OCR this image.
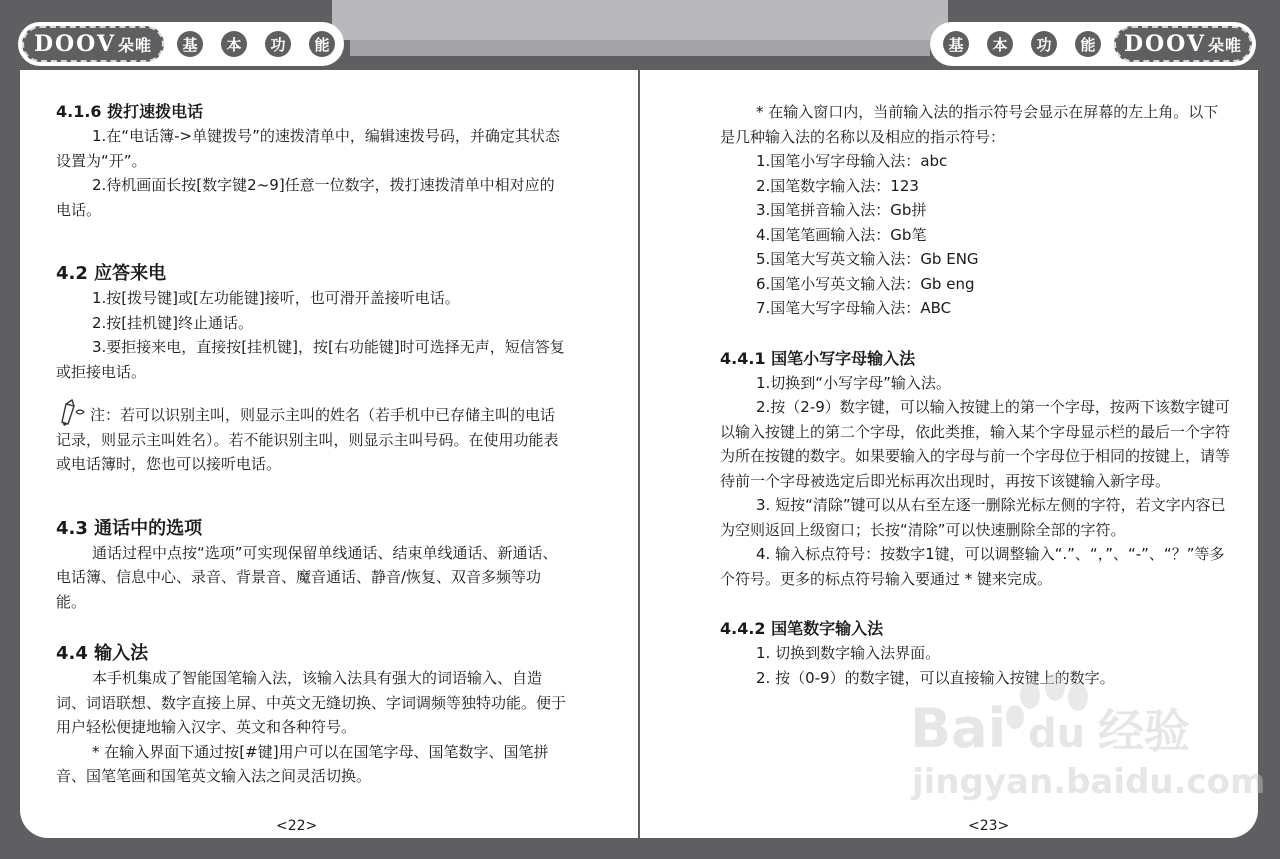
DOOV 朵唯	基	本	功	能	基	本	功	能 DOOV 朵唯
4.1.6 拨打速拨电话

1.在“电话簿->单键拨号”的速拨清单中，编辑速拨号码，并确定其状态设置为“开”。

2.待机画面长按[数字键2~9]任意一位数字，拨打速拨清单中相对应的电话。

4.2 应答来电

1.按[拨号键]或[左功能键]接听，也可滑开盖接听电话。

2.按[挂机键]终止通话。

3.要拒接来电，直接按[挂机键]，按[右功能键]时可选择无声，短信答复或拒接电话。

注：若可以识别主叫，则显示主叫的姓名（若手机中已存储主叫的电话记录，则显示主叫姓名）。若不能识别主叫，则显示主叫号码。在使用功能表或电话簿时，您也可以接听电话。

4.3 通话中的选项

通话过程中点按“选项”可实现保留单线通话、结束单线通话、新通话、电话簿、信息中心、录音、背景音、魔音通话、静音/恢复、双音多频等功能。

4.4 输入法

本手机集成了智能国笔输入法，该输入法具有强大的词语输入、自造词、词语联想、数字直接上屏、中英文无缝切换、字词调频等独特功能。便于用户轻松便捷地输入汉字、英文和各种符号。

* 在输入界面下通过按[#键]用户可以在国笔字母、国笔数字、国笔拼音、国笔笔画和国笔英文输入法之间灵活切换。

<22>

* 在输入窗口内，当前输入法的指示符号会显示在屏幕的左上角。以下是几种输入法的名称以及相应的指示符号：

1.国笔小写字母输入法：abc

2.国笔数字输入法：123

3.国笔拼音输入法：Gb拼

4.国笔笔画输入法：Gb笔

5.国笔大写英文输入法：Gb ENG

6.国笔小写英文输入法：Gb eng

7.国笔大写字母输入法：ABC

4.4.1 国笔小写字母输入法

1.切换到“小写字母”输入法。

2.按（2-9）数字键，可以输入按键上的第一个字母，按两下该数字键可以输入按键上的第二个字母，依此类推，输入某个字母显示栏的最后一个字符为所在按键的数字。如果要输入的字母与前一个字母位于相同的按键上，请等待前一个字母被选定后即光标再次出现时，再按下该键输入新字母。

3. 短按“清除”键可以从右至左逐一删除光标左侧的字符，若文字内容已为空则返回上级窗口；长按“清除”可以快速删除全部的字符。

4. 输入标点符号：按数字1键，可以调整输入“.”、“，”、“-”、“？”等多个符号。更多的标点符号输入要通过 * 键来完成。

4.4.2 国笔数字输入法

1. 切换到数字输入法界面。

2. 按（0-9）的数字键，可以直接输入按键上的数字。

<23>
Bai du 经验
jingyan.baidu.com
